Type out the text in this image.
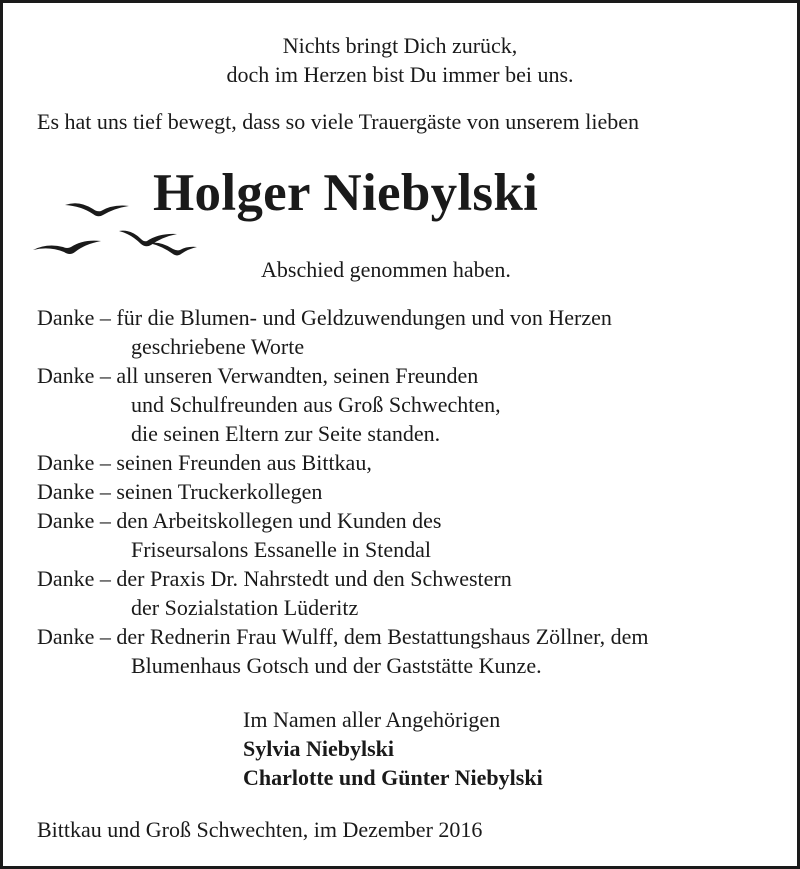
Nichts bringt Dich zurück,
doch im Herzen bist Du immer bei uns.
Es hat uns tief bewegt, dass so viele Trauergäste von unserem lieben
Holger Niebylski
Abschied genommen haben.
Danke – für die Blumen- und Geldzuwendungen und von Herzen
geschriebene Worte
Danke – all unseren Verwandten, seinen Freunden
und Schulfreunden aus Groß Schwechten,
die seinen Eltern zur Seite standen.
Danke – seinen Freunden aus Bittkau,
Danke – seinen Truckerkollegen
Danke – den Arbeitskollegen und Kunden des
Friseursalons Essanelle in Stendal
Danke – der Praxis Dr. Nahrstedt und den Schwestern
der Sozialstation Lüderitz
Danke – der Rednerin Frau Wulff, dem Bestattungshaus Zöllner, dem
Blumenhaus Gotsch und der Gaststätte Kunze.
Im Namen aller Angehörigen
Sylvia Niebylski
Charlotte und Günter Niebylski
Bittkau und Groß Schwechten, im Dezember 2016
